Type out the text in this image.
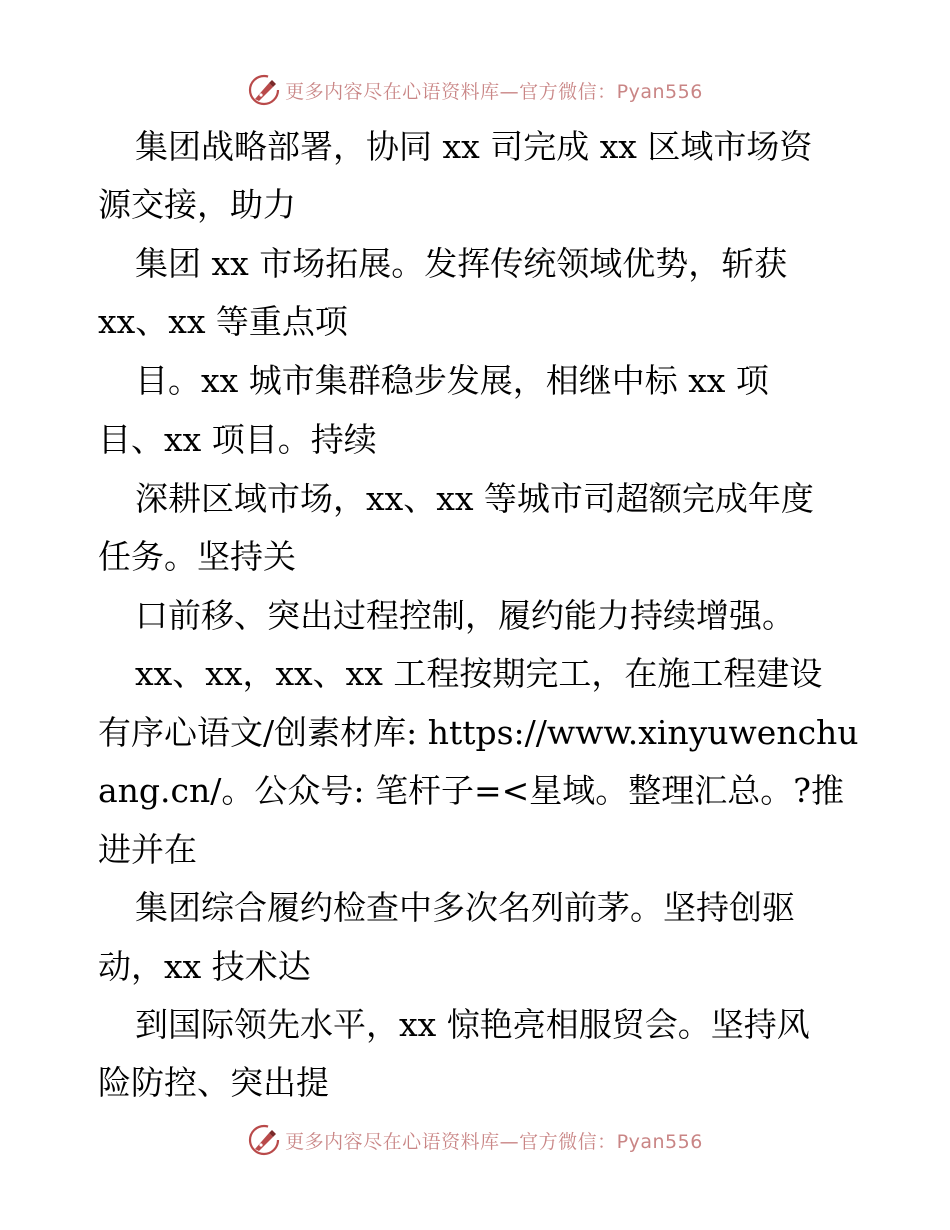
更多内容尽在心语资料库—官方微信：Pyan556
集团战略部署，协同 xx 司完成 xx 区域市场资
源交接，助力
集团 xx 市场拓展。发挥传统领域优势，斩获
xx、xx 等重点项
目。xx 城市集群稳步发展，相继中标 xx 项
目、xx 项目。持续
深耕区域市场，xx、xx 等城市司超额完成年度
任务。坚持关
口前移、突出过程控制，履约能力持续增强。
xx、xx，xx、xx 工程按期完工，在施工程建设
有序心语文/创素材库: https://www.xinyuwenchu
ang.cn/。公众号: 笔杆子=<星域。整理汇总。?推
进并在
集团综合履约检查中多次名列前茅。坚持创驱
动，xx 技术达
到国际领先水平，xx 惊艳亮相服贸会。坚持风
险防控、突出提
更多内容尽在心语资料库—官方微信：Pyan556
